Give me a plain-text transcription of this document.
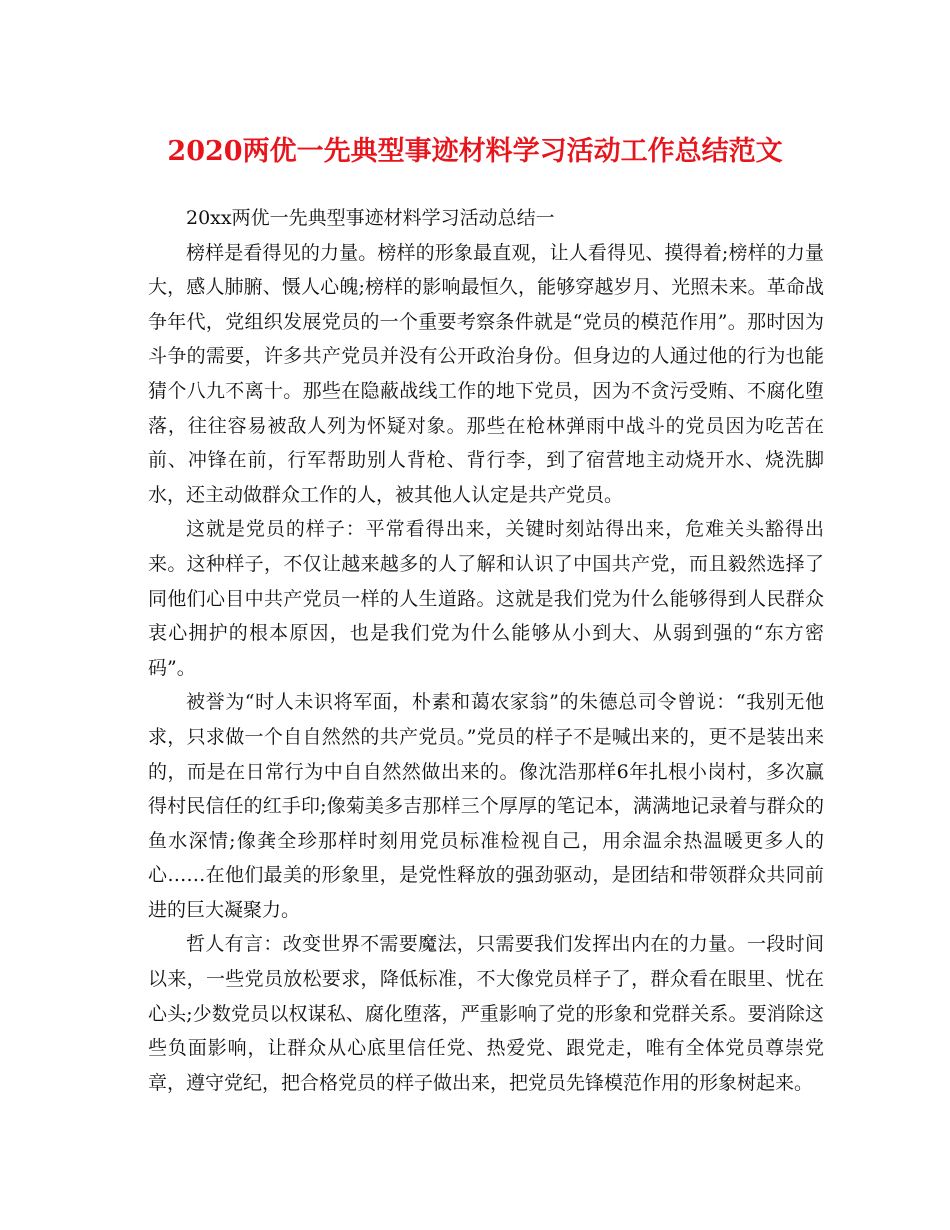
2020两优一先典型事迹材料学习活动工作总结范文

20xx两优一先典型事迹材料学习活动总结一

榜样是看得见的力量。榜样的形象最直观，让人看得见、摸得着;榜样的力量大，感人肺腑、慑人心魄;榜样的影响最恒久，能够穿越岁月、光照未来。革命战争年代，党组织发展党员的一个重要考察条件就是“党员的模范作用”。那时因为斗争的需要，许多共产党员并没有公开政治身份。但身边的人通过他的行为也能猜个八九不离十。那些在隐蔽战线工作的地下党员，因为不贪污受贿、不腐化堕落，往往容易被敌人列为怀疑对象。那些在枪林弹雨中战斗的党员因为吃苦在前、冲锋在前，行军帮助别人背枪、背行李，到了宿营地主动烧开水、烧洗脚水，还主动做群众工作的人，被其他人认定是共产党员。

这就是党员的样子：平常看得出来，关键时刻站得出来，危难关头豁得出来。这种样子，不仅让越来越多的人了解和认识了中国共产党，而且毅然选择了同他们心目中共产党员一样的人生道路。这就是我们党为什么能够得到人民群众衷心拥护的根本原因，也是我们党为什么能够从小到大、从弱到强的“东方密码”。

被誉为“时人未识将军面，朴素和蔼农家翁”的朱德总司令曾说：“我别无他求，只求做一个自自然然的共产党员。”党员的样子不是喊出来的，更不是装出来的，而是在日常行为中自自然然做出来的。像沈浩那样6年扎根小岗村，多次赢得村民信任的红手印;像菊美多吉那样三个厚厚的笔记本，满满地记录着与群众的鱼水深情;像龚全珍那样时刻用党员标准检视自己，用余温余热温暖更多人的心……在他们最美的形象里，是党性释放的强劲驱动，是团结和带领群众共同前进的巨大凝聚力。

哲人有言：改变世界不需要魔法，只需要我们发挥出内在的力量。一段时间以来，一些党员放松要求，降低标准，不大像党员样子了，群众看在眼里、忧在心头;少数党员以权谋私、腐化堕落，严重影响了党的形象和党群关系。要消除这些负面影响，让群众从心底里信任党、热爱党、跟党走，唯有全体党员尊崇党章，遵守党纪，把合格党员的样子做出来，把党员先锋模范作用的形象树起来。
